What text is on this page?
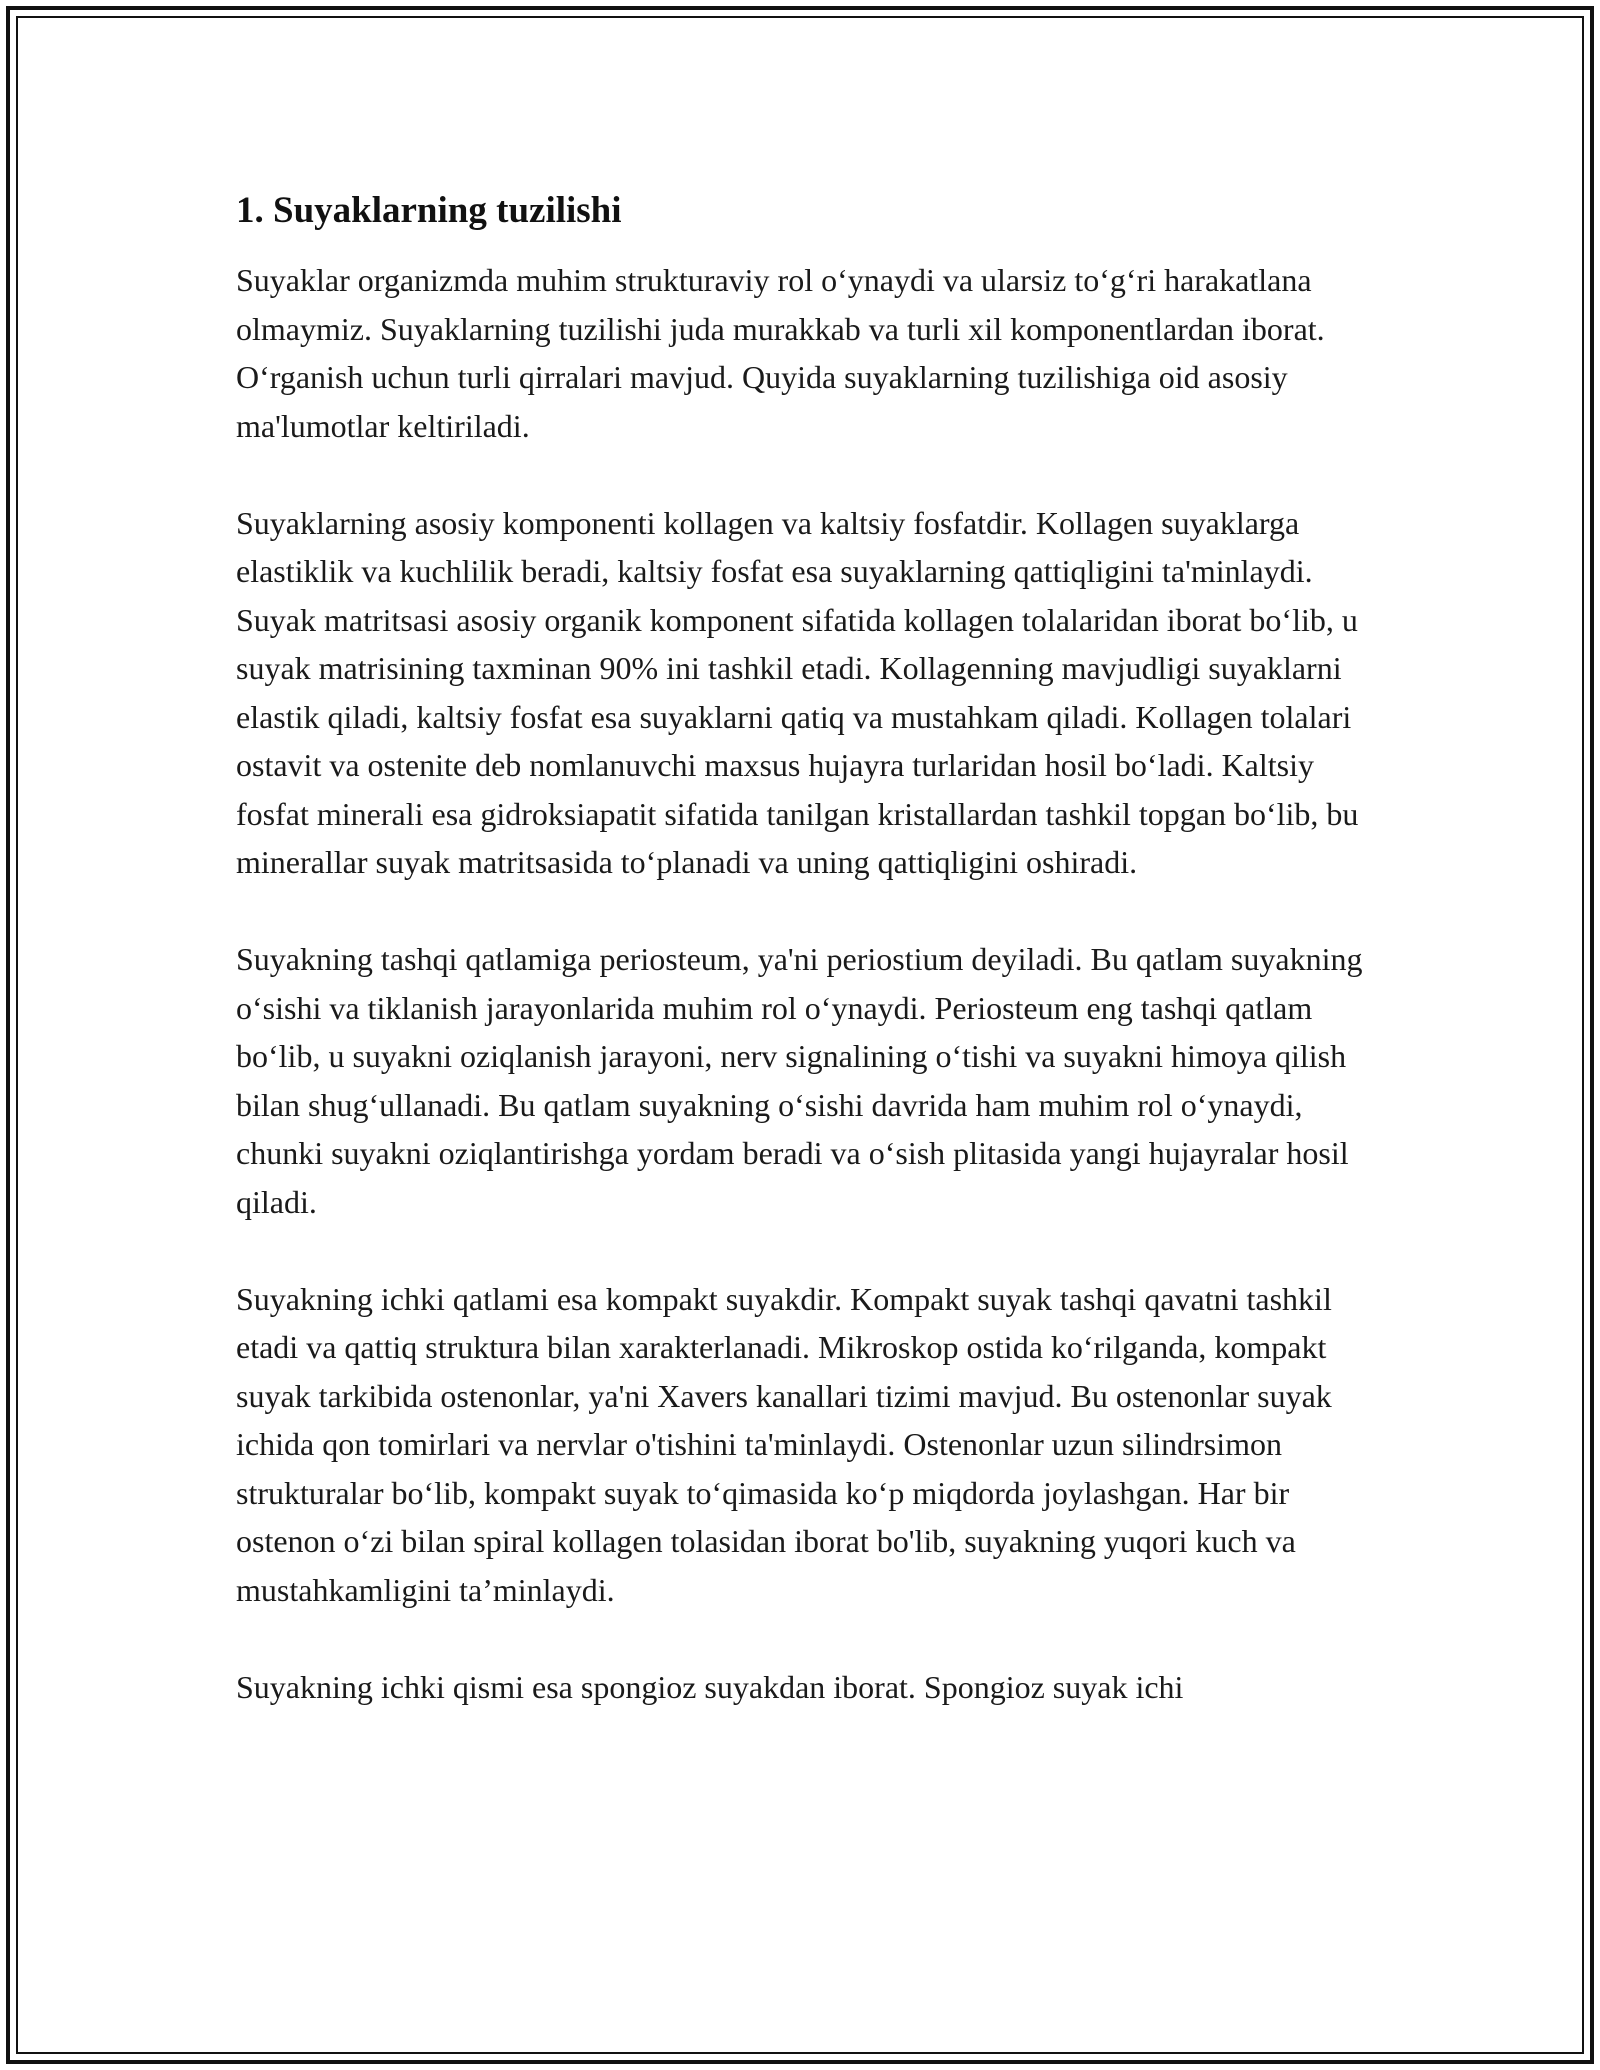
1. Suyaklarning tuzilishi

Suyaklar organizmda muhim strukturaviy rol o‘ynaydi va ularsiz to‘g‘ri harakatlana olmaymiz. Suyaklarning tuzilishi juda murakkab va turli xil komponentlardan iborat. O‘rganish uchun turli qirralari mavjud. Quyida suyaklarning tuzilishiga oid asosiy ma'lumotlar keltiriladi.

Suyaklarning asosiy komponenti kollagen va kaltsiy fosfatdir. Kollagen suyaklarga elastiklik va kuchlilik beradi, kaltsiy fosfat esa suyaklarning qattiqligini ta'minlaydi. Suyak matritsasi asosiy organik komponent sifatida kollagen tolalaridan iborat bo‘lib, u suyak matrisining taxminan 90% ini tashkil etadi. Kollagenning mavjudligi suyaklarni elastik qiladi, kaltsiy fosfat esa suyaklarni qatiq va mustahkam qiladi. Kollagen tolalari ostavit va ostenite deb nomlanuvchi maxsus hujayra turlaridan hosil bo‘ladi. Kaltsiy fosfat minerali esa gidroksiapatit sifatida tanilgan kristallardan tashkil topgan bo‘lib, bu minerallar suyak matritsasida to‘planadi va uning qattiqligini oshiradi.

Suyakning tashqi qatlamiga periosteum, ya'ni periostium deyiladi. Bu qatlam suyakning o‘sishi va tiklanish jarayonlarida muhim rol o‘ynaydi. Periosteum eng tashqi qatlam bo‘lib, u suyakni oziqlanish jarayoni, nerv signalining o‘tishi va suyakni himoya qilish bilan shug‘ullanadi. Bu qatlam suyakning o‘sishi davrida ham muhim rol o‘ynaydi, chunki suyakni oziqlantirishga yordam beradi va o‘sish plitasida yangi hujayralar hosil qiladi.

Suyakning ichki qatlami esa kompakt suyakdir. Kompakt suyak tashqi qavatni tashkil etadi va qattiq struktura bilan xarakterlanadi. Mikroskop ostida ko‘rilganda, kompakt suyak tarkibida ostenonlar, ya'ni Xavers kanallari tizimi mavjud. Bu ostenonlar suyak ichida qon tomirlari va nervlar o'tishini ta'minlaydi. Ostenonlar uzun silindrsimon strukturalar bo‘lib, kompakt suyak to‘qimasida ko‘p miqdorda joylashgan. Har bir ostenon o‘zi bilan spiral kollagen tolasidan iborat bo'lib, suyakning yuqori kuch va mustahkamligini ta’minlaydi.

Suyakning ichki qismi esa spongioz suyakdan iborat. Spongioz suyak ichi
